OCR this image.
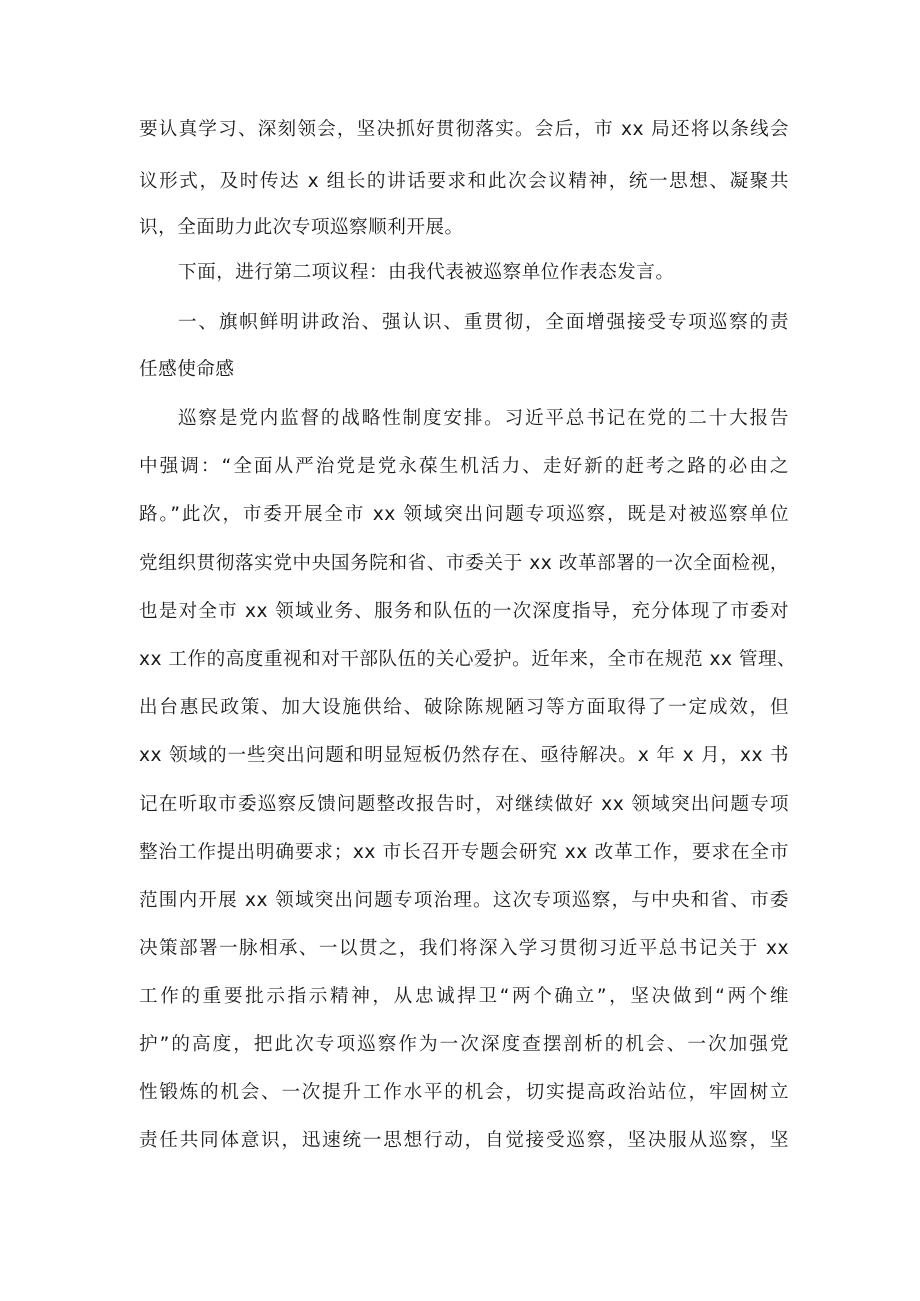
要认真学习、深刻领会，坚决抓好贯彻落实。会后，市 xx 局还将以条线会
议形式，及时传达 x 组长的讲话要求和此次会议精神，统一思想、凝聚共
识，全面助力此次专项巡察顺利开展。
下面，进行第二项议程：由我代表被巡察单位作表态发言。
一、旗帜鲜明讲政治、强认识、重贯彻，全面增强接受专项巡察的责
任感使命感
巡察是党内监督的战略性制度安排。习近平总书记在党的二十大报告
中强调：“全面从严治党是党永葆生机活力、走好新的赶考之路的必由之
路。”此次，市委开展全市 xx 领域突出问题专项巡察，既是对被巡察单位
党组织贯彻落实党中央国务院和省、市委关于 xx 改革部署的一次全面检视，
也是对全市 xx 领域业务、服务和队伍的一次深度指导，充分体现了市委对
xx 工作的高度重视和对干部队伍的关心爱护。近年来，全市在规范 xx 管理、
出台惠民政策、加大设施供给、破除陈规陋习等方面取得了一定成效，但
xx 领域的一些突出问题和明显短板仍然存在、亟待解决。x 年 x 月，xx 书
记在听取市委巡察反馈问题整改报告时，对继续做好 xx 领域突出问题专项
整治工作提出明确要求；xx 市长召开专题会研究 xx 改革工作，要求在全市
范围内开展 xx 领域突出问题专项治理。这次专项巡察，与中央和省、市委
决策部署一脉相承、一以贯之，我们将深入学习贯彻习近平总书记关于 xx
工作的重要批示指示精神，从忠诚捍卫“两个确立”，坚决做到“两个维
护”的高度，把此次专项巡察作为一次深度查摆剖析的机会、一次加强党
性锻炼的机会、一次提升工作水平的机会，切实提高政治站位，牢固树立
责任共同体意识，迅速统一思想行动，自觉接受巡察，坚决服从巡察，坚
